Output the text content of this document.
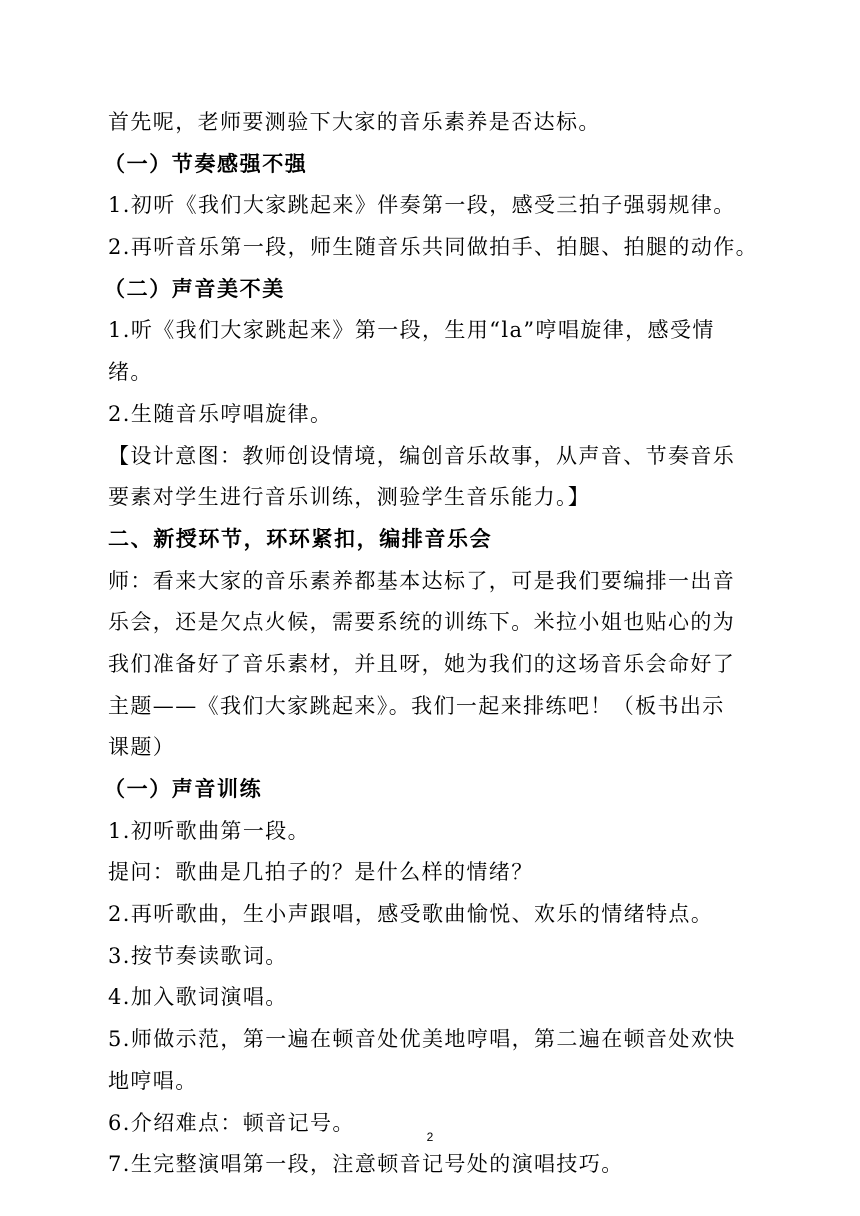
首先呢，老师要测验下大家的音乐素养是否达标。
（一）节奏感强不强
1.初听《我们大家跳起来》伴奏第一段，感受三拍子强弱规律。
2.再听音乐第一段，师生随音乐共同做拍手、拍腿、拍腿的动作。
（二）声音美不美
1.听《我们大家跳起来》第一段，生用“la”哼唱旋律，感受情
绪。
2.生随音乐哼唱旋律。
【设计意图：教师创设情境，编创音乐故事，从声音、节奏音乐
要素对学生进行音乐训练，测验学生音乐能力。】
二、新授环节，环环紧扣，编排音乐会
师：看来大家的音乐素养都基本达标了，可是我们要编排一出音
乐会，还是欠点火候，需要系统的训练下。米拉小姐也贴心的为
我们准备好了音乐素材，并且呀，她为我们的这场音乐会命好了
主题——《我们大家跳起来》。我们一起来排练吧！（板书出示
课题）
（一）声音训练
1.初听歌曲第一段。
提问：歌曲是几拍子的？是什么样的情绪？
2.再听歌曲，生小声跟唱，感受歌曲愉悦、欢乐的情绪特点。
3.按节奏读歌词。
4.加入歌词演唱。
5.师做示范，第一遍在顿音处优美地哼唱，第二遍在顿音处欢快
地哼唱。
6.介绍难点：顿音记号。
7.生完整演唱第一段，注意顿音记号处的演唱技巧。
2
